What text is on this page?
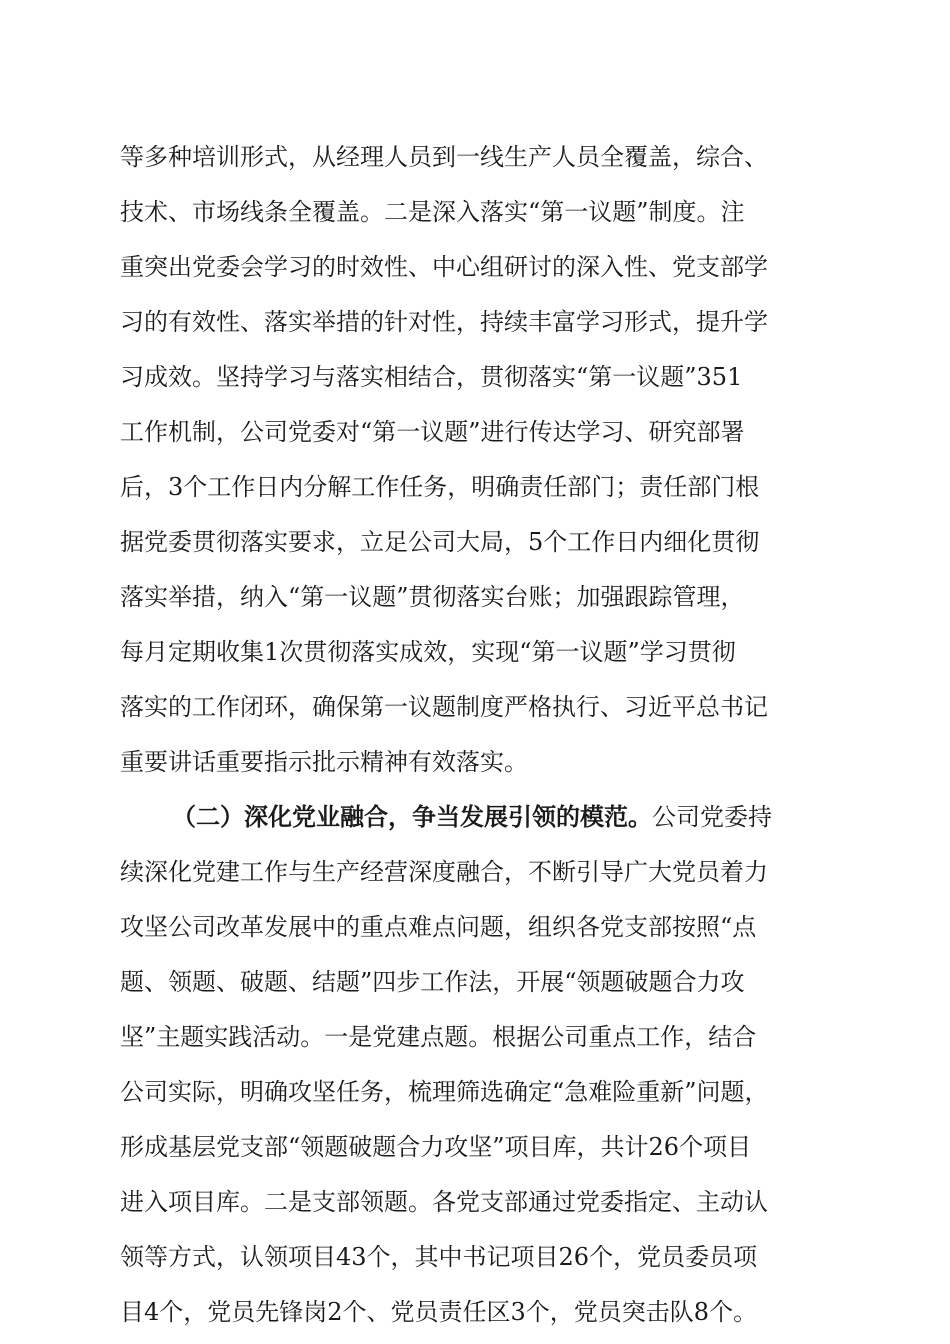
等多种培训形式，从经理人员到一线生产人员全覆盖，综合、
技术、市场线条全覆盖。二是深入落实“第一议题”制度。注
重突出党委会学习的时效性、中心组研讨的深入性、党支部学
习的有效性、落实举措的针对性，持续丰富学习形式，提升学
习成效。坚持学习与落实相结合，贯彻落实“第一议题”351
工作机制，公司党委对“第一议题”进行传达学习、研究部署
后，3个工作日内分解工作任务，明确责任部门；责任部门根
据党委贯彻落实要求，立足公司大局，5个工作日内细化贯彻
落实举措，纳入“第一议题”贯彻落实台账；加强跟踪管理，
每月定期收集1次贯彻落实成效，实现“第一议题”学习贯彻
落实的工作闭环，确保第一议题制度严格执行、习近平总书记
重要讲话重要指示批示精神有效落实。
（二）深化党业融合，争当发展引领的模范。公司党委持
续深化党建工作与生产经营深度融合，不断引导广大党员着力
攻坚公司改革发展中的重点难点问题，组织各党支部按照“点
题、领题、破题、结题”四步工作法，开展“领题破题合力攻
坚”主题实践活动。一是党建点题。根据公司重点工作，结合
公司实际，明确攻坚任务，梳理筛选确定“急难险重新”问题，
形成基层党支部“领题破题合力攻坚”项目库，共计26个项目
进入项目库。二是支部领题。各党支部通过党委指定、主动认
领等方式，认领项目43个，其中书记项目26个，党员委员项
目4个，党员先锋岗2个、党员责任区3个，党员突击队8个。
